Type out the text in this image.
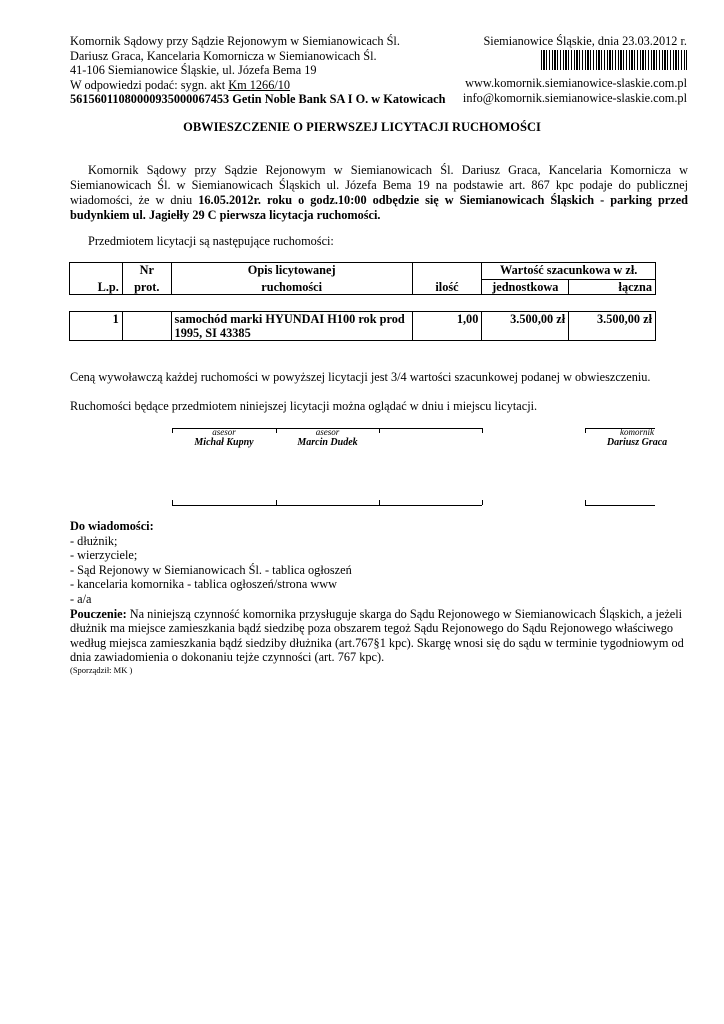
Komornik Sądowy przy Sądzie Rejonowym w Siemianowicach Śl.
Dariusz Graca, Kancelaria Komornicza w Siemianowicach Śl.
41-106 Siemianowice Śląskie, ul. Józefa Bema 19
W odpowiedzi podać: sygn. akt Km 1266/10
56156011080000935000067453 Getin Noble Bank SA I O. w Katowicach
Siemianowice Śląskie, dnia 23.03.2012 r.
www.komornik.siemianowice-slaskie.com.pl
info@komornik.siemianowice-slaskie.com.pl
OBWIESZCZENIE O PIERWSZEJ LICYTACJI RUCHOMOŚCI
Komornik Sądowy przy Sądzie Rejonowym w Siemianowicach Śl. Dariusz Graca, Kancelaria Komornicza w Siemianowicach Śl. w Siemianowicach Śląskich ul. Józefa Bema 19 na podstawie art. 867 kpc podaje do publicznej wiadomości, że w dniu 16.05.2012r. roku o godz.10:00 odbędzie się w Siemianowicach Śląskich - parking przed budynkiem ul. Jagiełły 29 C pierwsza licytacja ruchomości.
Przedmiotem licytacji są następujące ruchomości:
L.p.	Nr	Opis licytowanej	ilość	Wartość szacunkowa w zł.	
	prot.	ruchomości		jednostkowa	łączna
1		samochód marki HYUNDAI H100 rok prod 1995, SI 43385	1,00	3.500,00 zł	3.500,00 zł
Ceną wywoławczą każdej ruchomości w powyższej licytacji jest 3/4 wartości szacunkowej podanej w obwieszczeniu.
Ruchomości będące przedmiotem niniejszej licytacji można oglądać w dniu i miejscu licytacji.
asesor
Michał Kupny
asesor
Marcin Dudek
komornik
Dariusz Graca
Do wiadomości:
- dłużnik;
- wierzyciele;
- Sąd Rejonowy w Siemianowicach Śl. - tablica ogłoszeń
- kancelaria komornika - tablica ogłoszeń/strona www
- a/a
Pouczenie: Na niniejszą czynność komornika przysługuje skarga do Sądu Rejonowego w Siemianowicach Śląskich, a jeżeli dłużnik ma miejsce zamieszkania bądź siedzibę poza obszarem tegoż Sądu Rejonowego do Sądu Rejonowego właściwego według miejsca zamieszkania bądź siedziby dłużnika (art.767§1 kpc). Skargę wnosi się do sądu w terminie tygodniowym od dnia zawiadomienia o dokonaniu tejże czynności (art. 767 kpc).
(Sporządził: MK )
